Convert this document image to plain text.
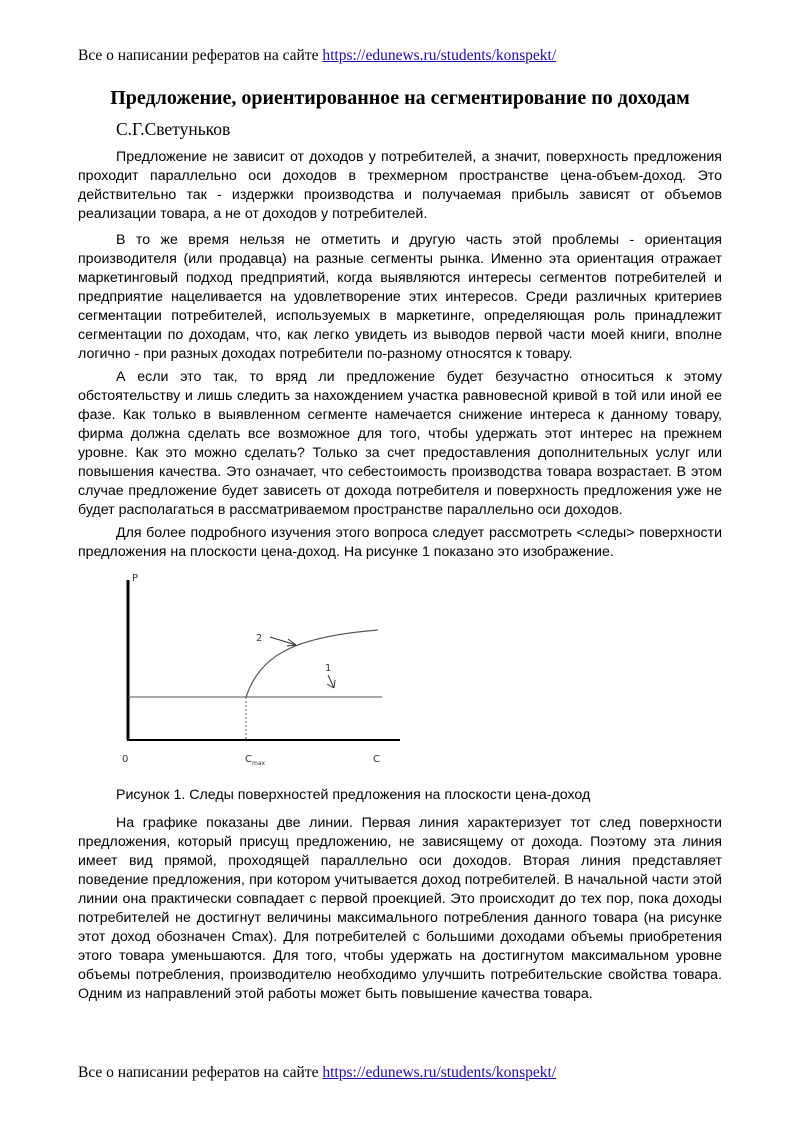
Все о написании рефератов на сайте https://edunews.ru/students/konspekt/
Предложение, ориентированное на сегментирование по доходам
С.Г.Светуньков

Предложение не зависит от доходов у потребителей, а значит, поверхность предложения проходит параллельно оси доходов в трехмерном пространстве цена-объем-доход. Это действительно так - издержки производства и получаемая прибыль зависят от объемов реализации товара, а не от доходов у потребителей.

В то же время нельзя не отметить и другую часть этой проблемы - ориентация производителя (или продавца) на разные сегменты рынка. Именно эта ориентация отражает маркетинговый подход предприятий, когда выявляются интересы сегментов потребителей и предприятие нацеливается на удовлетворение этих интересов. Среди различных критериев сегментации потребителей, используемых в маркетинге, определяющая роль принадлежит сегментации по доходам, что, как легко увидеть из выводов первой части моей книги, вполне логично - при разных доходах потребители по-разному относятся к товару.

А если это так, то вряд ли предложение будет безучастно относиться к этому обстоятельству и лишь следить за нахождением участка равновесной кривой в той или иной ее фазе. Как только в выявленном сегменте намечается снижение интереса к данному товару, фирма должна сделать все возможное для того, чтобы удержать этот интерес на прежнем уровне. Как это можно сделать? Только за счет предоставления дополнительных услуг или повышения качества. Это означает, что себестоимость производства товара возрастает. В этом случае предложение будет зависеть от дохода потребителя и поверхность предложения уже не будет располагаться в рассматриваемом пространстве параллельно оси доходов.

Для более подробного изучения этого вопроса следует рассмотреть <следы> поверхности предложения на плоскости цена-доход. На рисунке 1 показано это изображение.

P
0	$C_{max}$	C
2
1
Рисунок 1. Следы поверхностей предложения на плоскости цена-доход

На графике показаны две линии. Первая линия характеризует тот след поверхности предложения, который присущ предложению, не зависящему от дохода. Поэтому эта линия имеет вид прямой, проходящей параллельно оси доходов. Вторая линия представляет поведение предложения, при котором учитывается доход потребителей. В начальной части этой линии она практически совпадает с первой проекцией. Это происходит до тех пор, пока доходы потребителей не достигнут величины максимального потребления данного товара (на рисунке этот доход обозначен Cmax). Для потребителей с большими доходами объемы приобретения этого товара уменьшаются. Для того, чтобы удержать на достигнутом максимальном уровне объемы потребления, производителю необходимо улучшить потребительские свойства товара. Одним из направлений этой работы может быть повышение качества товара.

Все о написании рефератов на сайте https://edunews.ru/students/konspekt/
